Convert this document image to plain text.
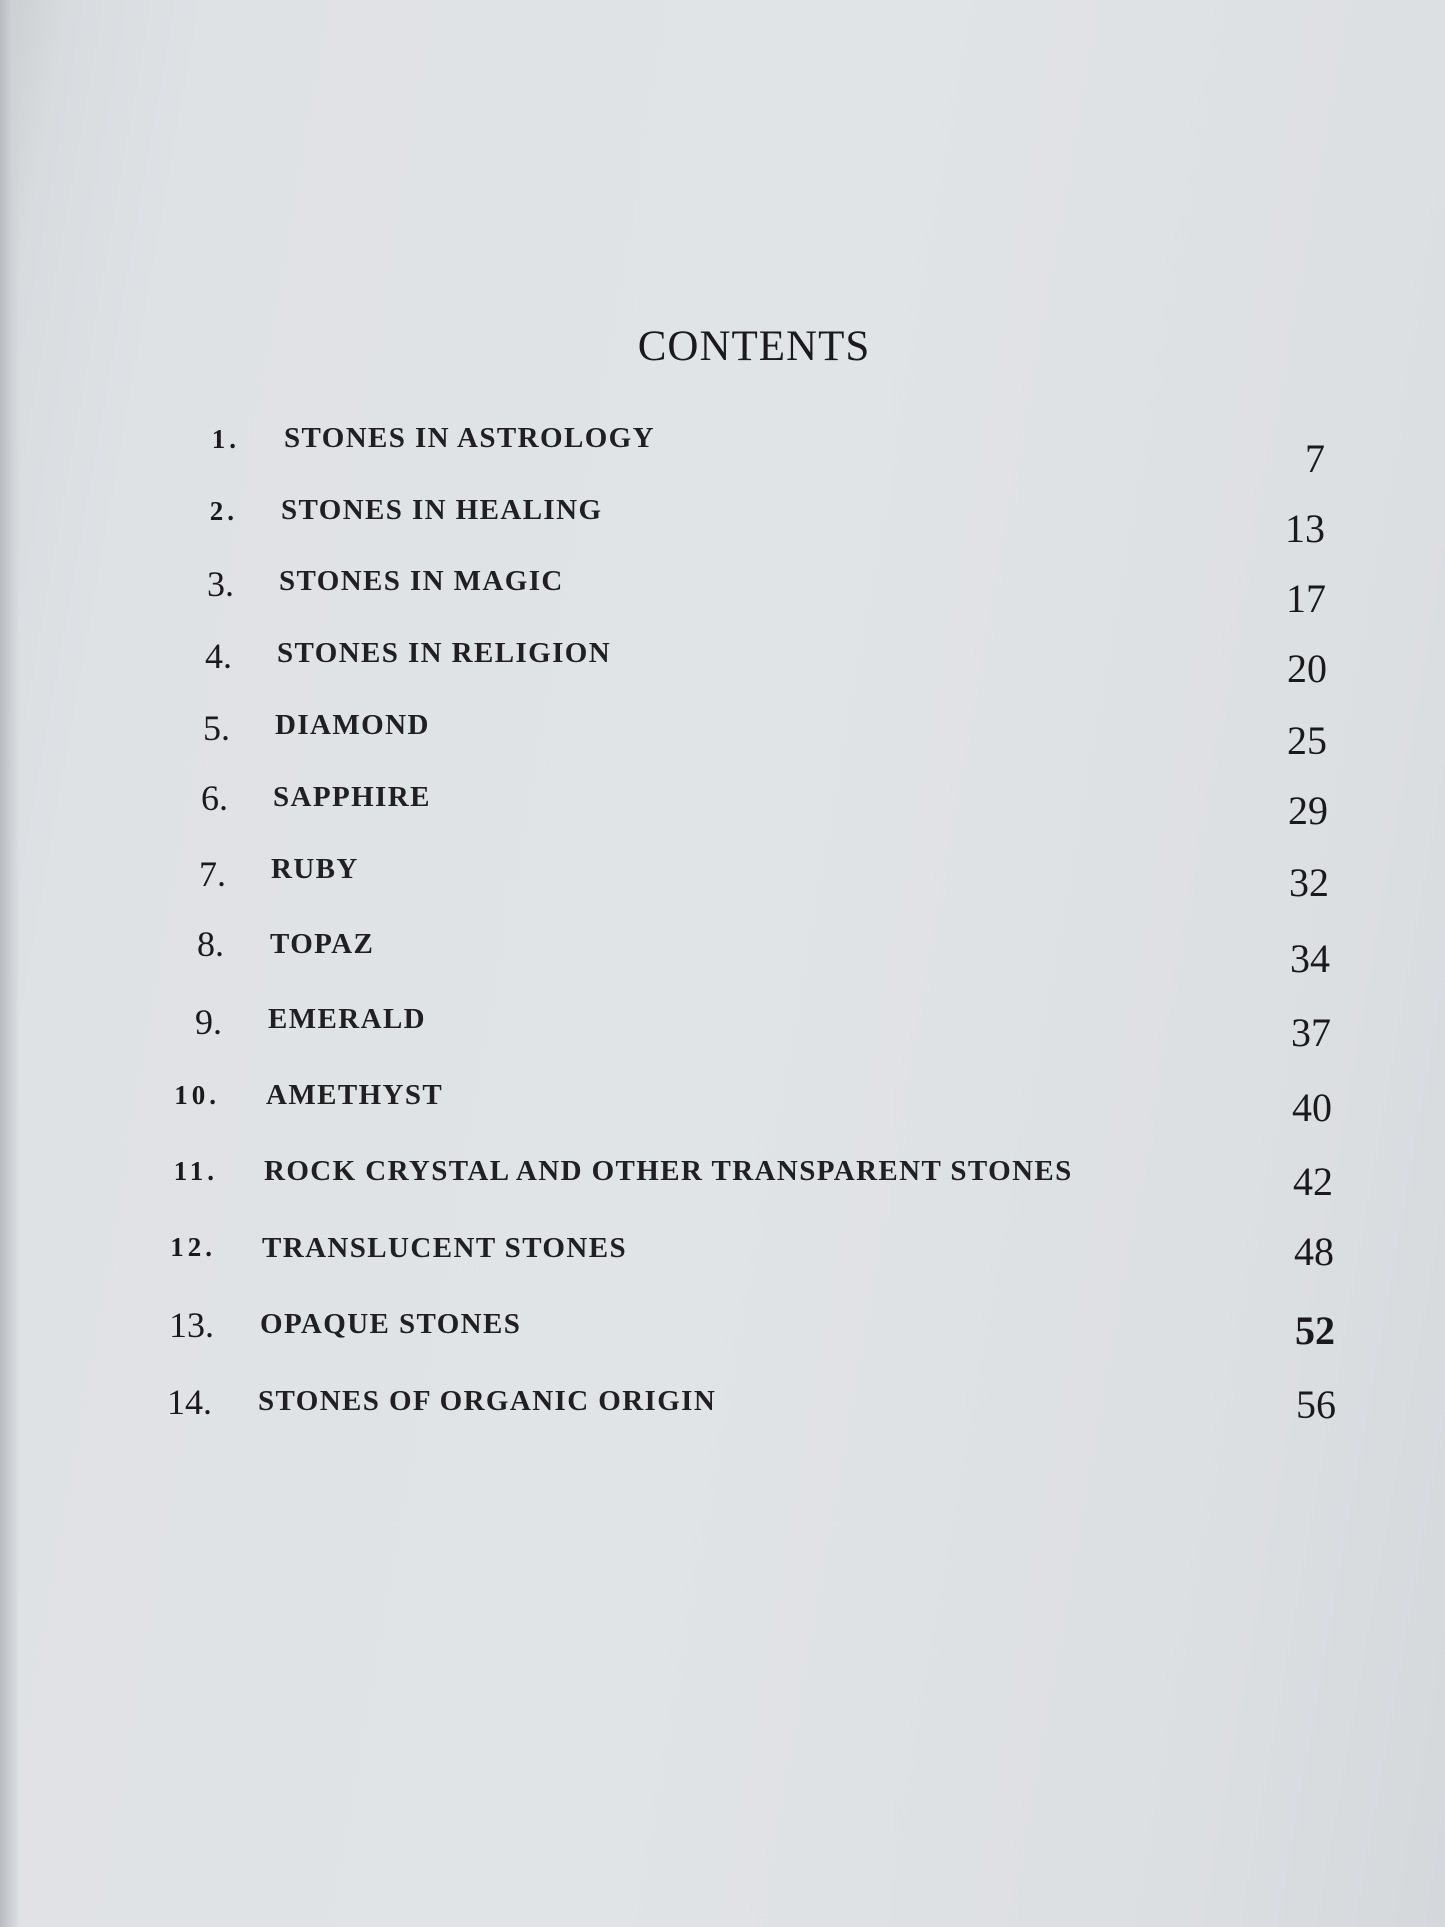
CONTENTS
1. STONES IN ASTROLOGY	7
2. STONES IN HEALING	13
3. STONES IN MAGIC	17
4. STONES IN RELIGION	20
5. DIAMOND	25
6. SAPPHIRE	29
7. RUBY	32
8. TOPAZ	34
9. EMERALD	37
10. AMETHYST	40
11. ROCK CRYSTAL AND OTHER TRANSPARENT STONES	42
12. TRANSLUCENT STONES	48
13. OPAQUE STONES	52
14. STONES OF ORGANIC ORIGIN	56
